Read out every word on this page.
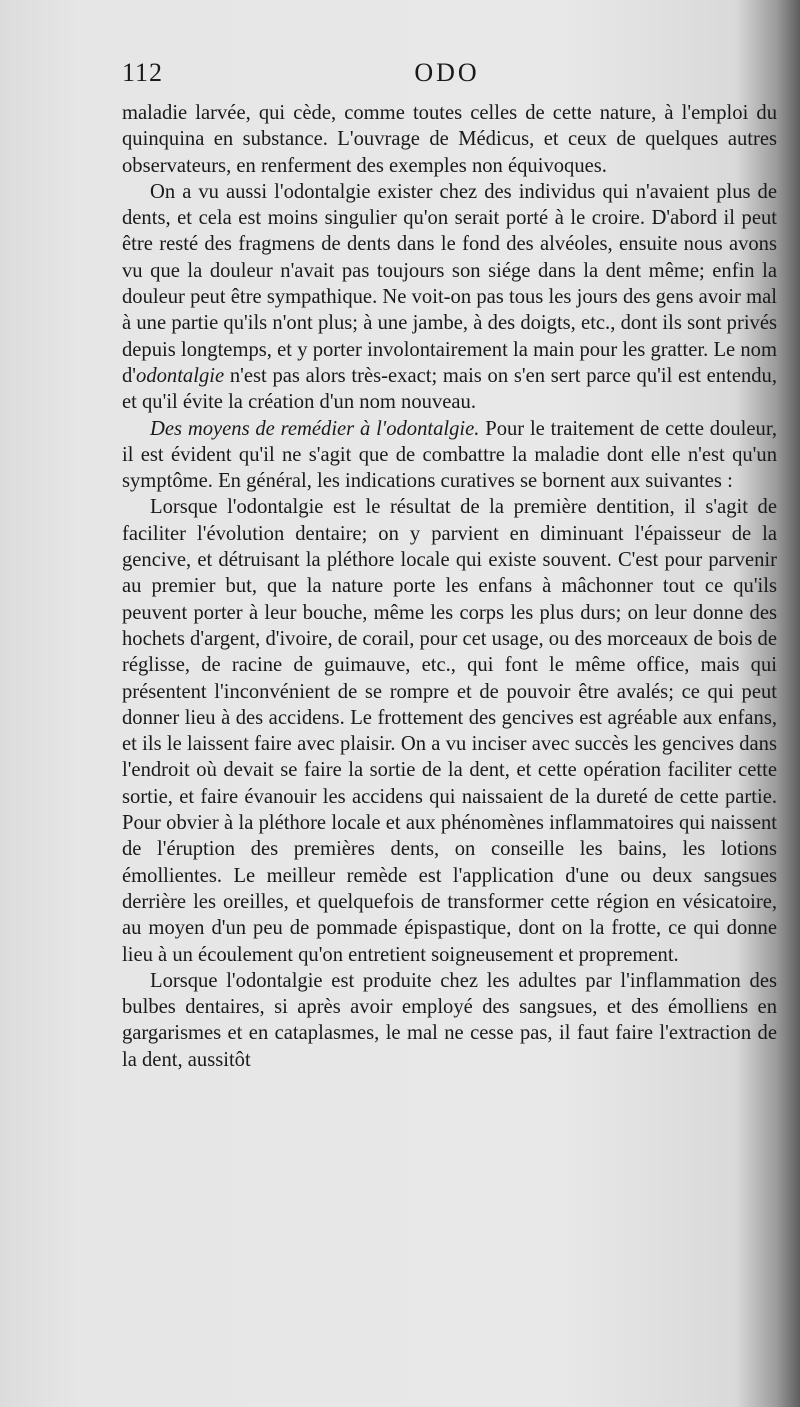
112	ODO

maladie larvée, qui cède, comme toutes celles de cette nature, à l'emploi du quinquina en substance. L'ouvrage de Médicus, et ceux de quelques autres observateurs, en renferment des exemples non équivoques.

On a vu aussi l'odontalgie exister chez des individus qui n'avaient plus de dents, et cela est moins singulier qu'on serait porté à le croire. D'abord il peut être resté des fragmens de dents dans le fond des alvéoles, ensuite nous avons vu que la douleur n'avait pas toujours son siége dans la dent même; enfin la douleur peut être sympathique. Ne voit-on pas tous les jours des gens avoir mal à une partie qu'ils n'ont plus; à une jambe, à des doigts, etc., dont ils sont privés depuis longtemps, et y porter involontairement la main pour les gratter. Le nom d'odontalgie n'est pas alors très-exact; mais on s'en sert parce qu'il est entendu, et qu'il évite la création d'un nom nouveau.

Des moyens de remédier à l'odontalgie. Pour le traitement de cette douleur, il est évident qu'il ne s'agit que de combattre la maladie dont elle n'est qu'un symptôme. En général, les indications curatives se bornent aux suivantes :

Lorsque l'odontalgie est le résultat de la première dentition, il s'agit de faciliter l'évolution dentaire; on y parvient en diminuant l'épaisseur de la gencive, et détruisant la pléthore locale qui existe souvent. C'est pour parvenir au premier but, que la nature porte les enfans à mâchonner tout ce qu'ils peuvent porter à leur bouche, même les corps les plus durs; on leur donne des hochets d'argent, d'ivoire, de corail, pour cet usage, ou des morceaux de bois de réglisse, de racine de guimauve, etc., qui font le même office, mais qui présentent l'inconvénient de se rompre et de pouvoir être avalés; ce qui peut donner lieu à des accidens. Le frottement des gencives est agréable aux enfans, et ils le laissent faire avec plaisir. On a vu inciser avec succès les gencives dans l'endroit où devait se faire la sortie de la dent, et cette opération faciliter cette sortie, et faire évanouir les accidens qui naissaient de la dureté de cette partie. Pour obvier à la pléthore locale et aux phénomènes inflammatoires qui naissent de l'éruption des premières dents, on conseille les bains, les lotions émollientes. Le meilleur remède est l'application d'une ou deux sangsues derrière les oreilles, et quelquefois de transformer cette région en vésicatoire, au moyen d'un peu de pommade épispastique, dont on la frotte, ce qui donne lieu à un écoulement qu'on entretient soigneusement et proprement.

Lorsque l'odontalgie est produite chez les adultes par l'inflammation des bulbes dentaires, si après avoir employé des sangsues, et des émolliens en gargarismes et en cataplasmes, le mal ne cesse pas, il faut faire l'extraction de la dent, aussitôt
